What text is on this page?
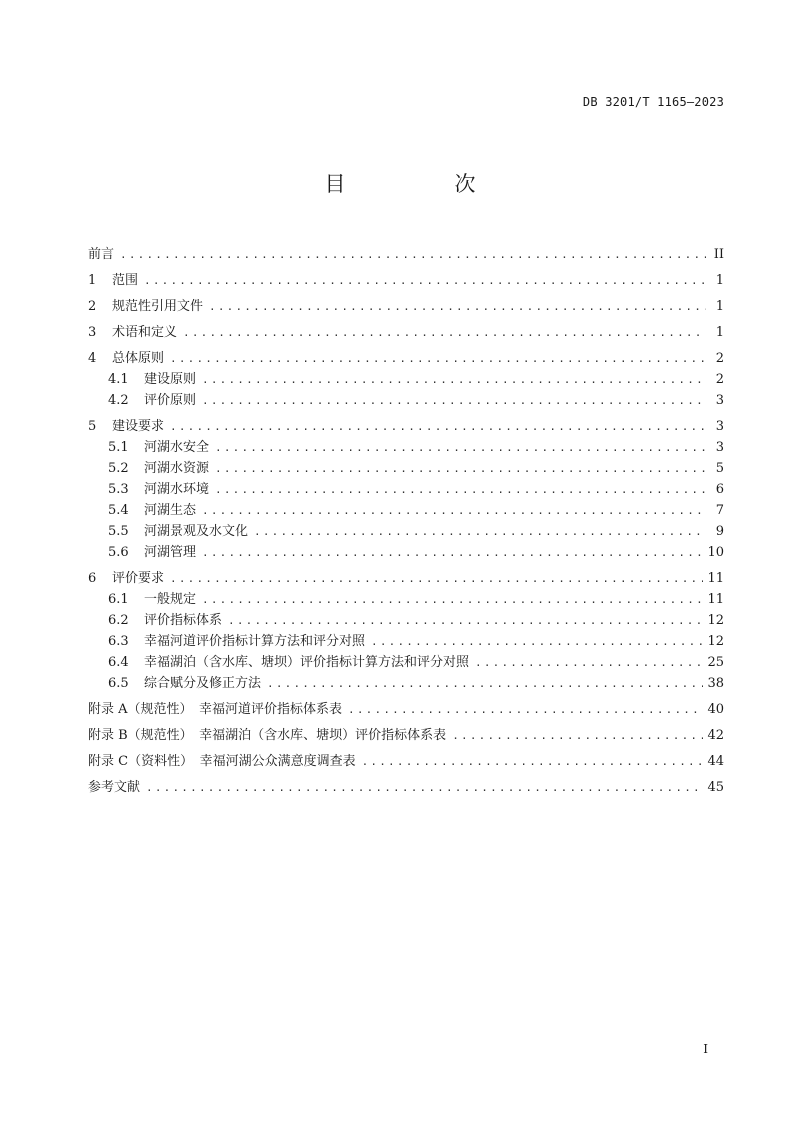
DB 3201/T 1165—2023
目　次
前言 .....	II
1	范围 .....	1
2	规范性引用文件 .....	1
3	术语和定义 .....	1
4	总体原则 .....	2
4.1	建设原则 .....	2
4.2	评价原则 .....	3
5	建设要求 .....	3
5.1	河湖水安全 .....	3
5.2	河湖水资源 .....	5
5.3	河湖水环境 .....	6
5.4	河湖生态 .....	7
5.5	河湖景观及水文化 .....	9
5.6	河湖管理 .....	10
6	评价要求 .....	11
6.1	一般规定 .....	11
6.2	评价指标体系 .....	12
6.3	幸福河道评价指标计算方法和评分对照 .....	12
6.4	幸福湖泊（含水库、塘坝）评价指标计算方法和评分对照 .....	25
6.5	综合赋分及修正方法 .....	38
附录 A（规范性）　幸福河道评价指标体系表 .....	40
附录 B（规范性）　幸福湖泊（含水库、塘坝）评价指标体系表 .....	42
附录 C（资料性）　幸福河湖公众满意度调查表 .....	44
参考文献 .....	45
I
